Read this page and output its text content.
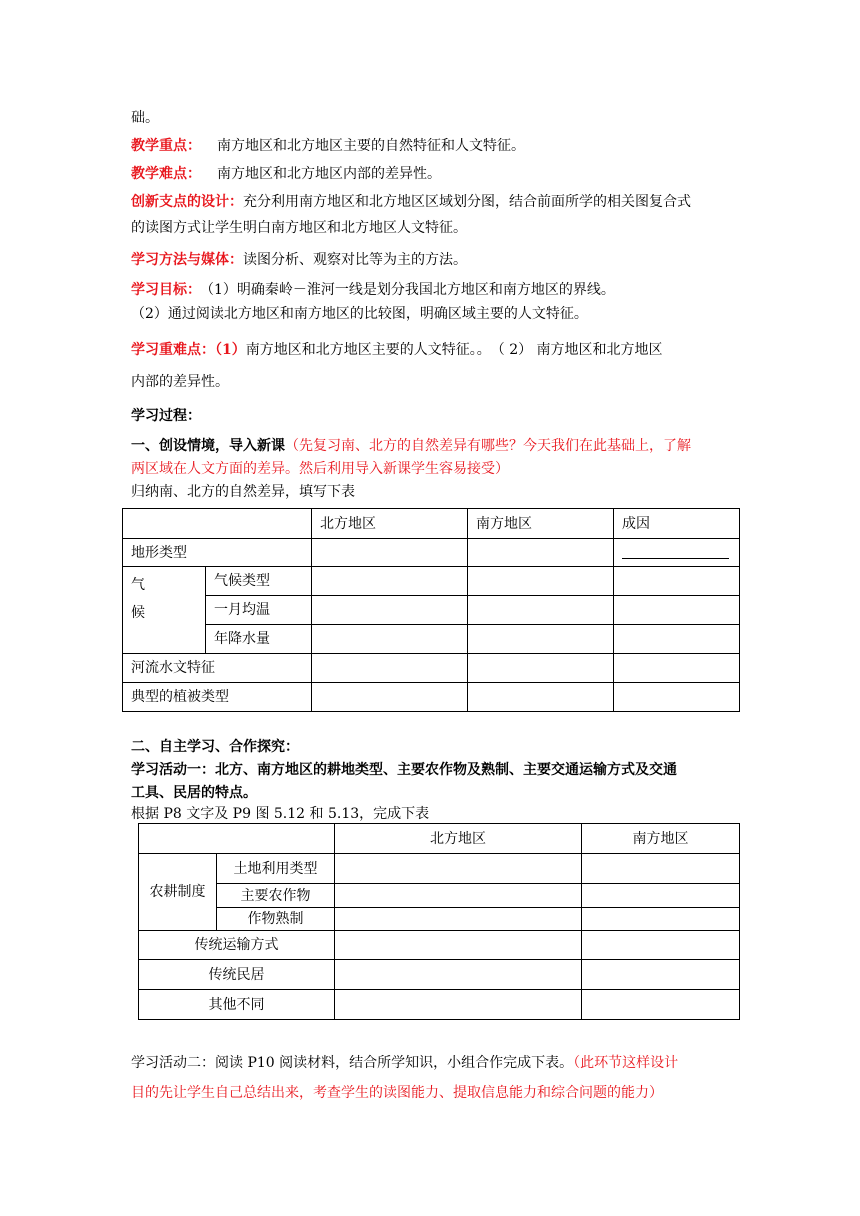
础。
教学重点： 南方地区和北方地区主要的自然特征和人文特征。
教学难点： 南方地区和北方地区内部的差异性。
创新支点的设计：充分利用南方地区和北方地区区域划分图，结合前面所学的相关图复合式
的读图方式让学生明白南方地区和北方地区人文特征。
学习方法与媒体：读图分析、观察对比等为主的方法。
学习目标： （1）明确秦岭－淮河一线是划分我国北方地区和南方地区的界线。
（2）通过阅读北方地区和南方地区的比较图，明确区域主要的人文特征。
学习重难点：（1）南方地区和北方地区主要的人文特征。。　（ 2） 南方地区和北方地区
内部的差异性。
学习过程：
一、创设情境，导入新课（先复习南、北方的自然差异有哪些？今天我们在此基础上，了解
两区域在人文方面的差异。然后利用导入新课学生容易接受）
归纳南、北方的自然差异，填写下表
		北方地区	南方地区	成因
地形类型				

气
候	气候类型			
	一月均温			
	年降水量			
河流水文特征				
典型的植被类型				
二、自主学习、合作探究：
学习活动一：北方、南方地区的耕地类型、主要农作物及熟制、主要交通运输方式及交通
工具、民居的特点。
根据 P8 文字及 P9 图 5.12 和 5.13，完成下表
		北方地区	南方地区
农耕制度	土地利用类型		
	主要农作物		
	作物熟制		
传统运输方式			
传统民居			
其他不同			
学习活动二：阅读 P10 阅读材料，结合所学知识，小组合作完成下表。（此环节这样设计
目的先让学生自己总结出来，考查学生的读图能力、提取信息能力和综合问题的能力）
